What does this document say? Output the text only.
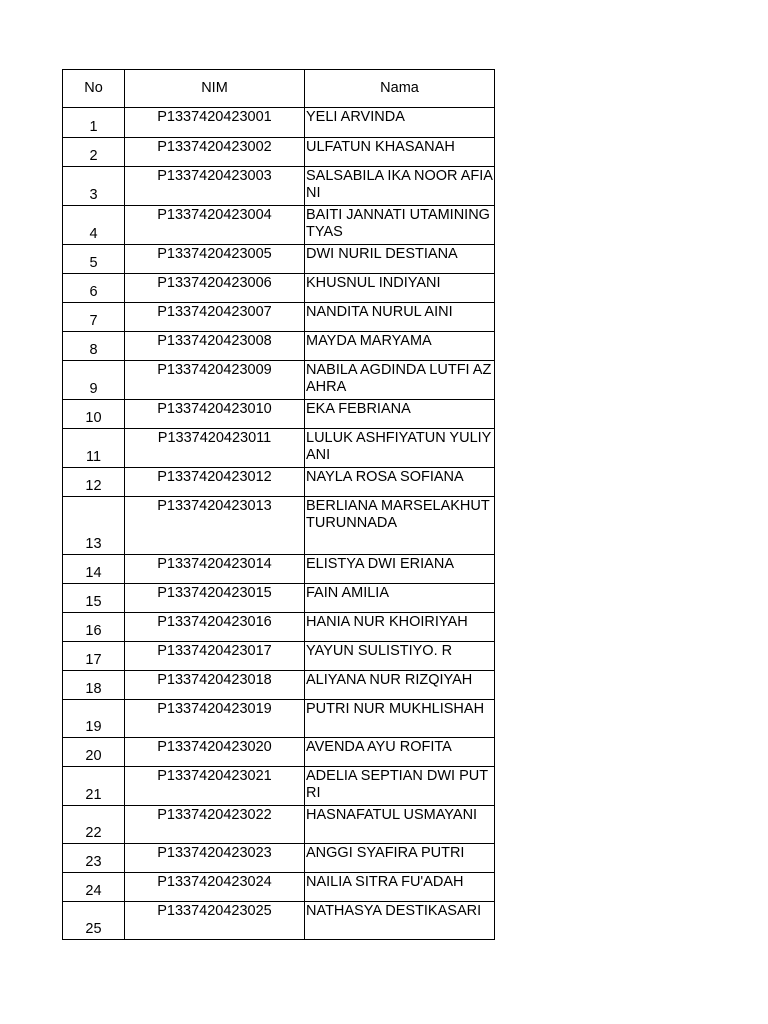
No	NIM	Nama
1	P1337420423001	YELI ARVINDA
2	P1337420423002	ULFATUN KHASANAH
3	P1337420423003	SALSABILA IKA NOOR AFIANI
4	P1337420423004	BAITI JANNATI UTAMININGTYAS
5	P1337420423005	DWI NURIL DESTIANA
6	P1337420423006	KHUSNUL INDIYANI
7	P1337420423007	NANDITA NURUL AINI
8	P1337420423008	MAYDA MARYAMA
9	P1337420423009	NABILA AGDINDA LUTFI AZAHRA
10	P1337420423010	EKA FEBRIANA
11	P1337420423011	LULUK ASHFIYATUN YULIYANI
12	P1337420423012	NAYLA ROSA SOFIANA
13	P1337420423013	BERLIANA MARSELAKHUTTURUNNADA
14	P1337420423014	ELISTYA DWI ERIANA
15	P1337420423015	FAIN AMILIA
16	P1337420423016	HANIA NUR KHOIRIYAH
17	P1337420423017	YAYUN SULISTIYO. R
18	P1337420423018	ALIYANA NUR RIZQIYAH
19	P1337420423019	PUTRI NUR MUKHLISHAH
20	P1337420423020	AVENDA AYU ROFITA
21	P1337420423021	ADELIA SEPTIAN DWI PUTRI
22	P1337420423022	HASNAFATUL USMAYANI
23	P1337420423023	ANGGI SYAFIRA PUTRI
24	P1337420423024	NAILIA SITRA FU'ADAH
25	P1337420423025	NATHASYA DESTIKASARI
